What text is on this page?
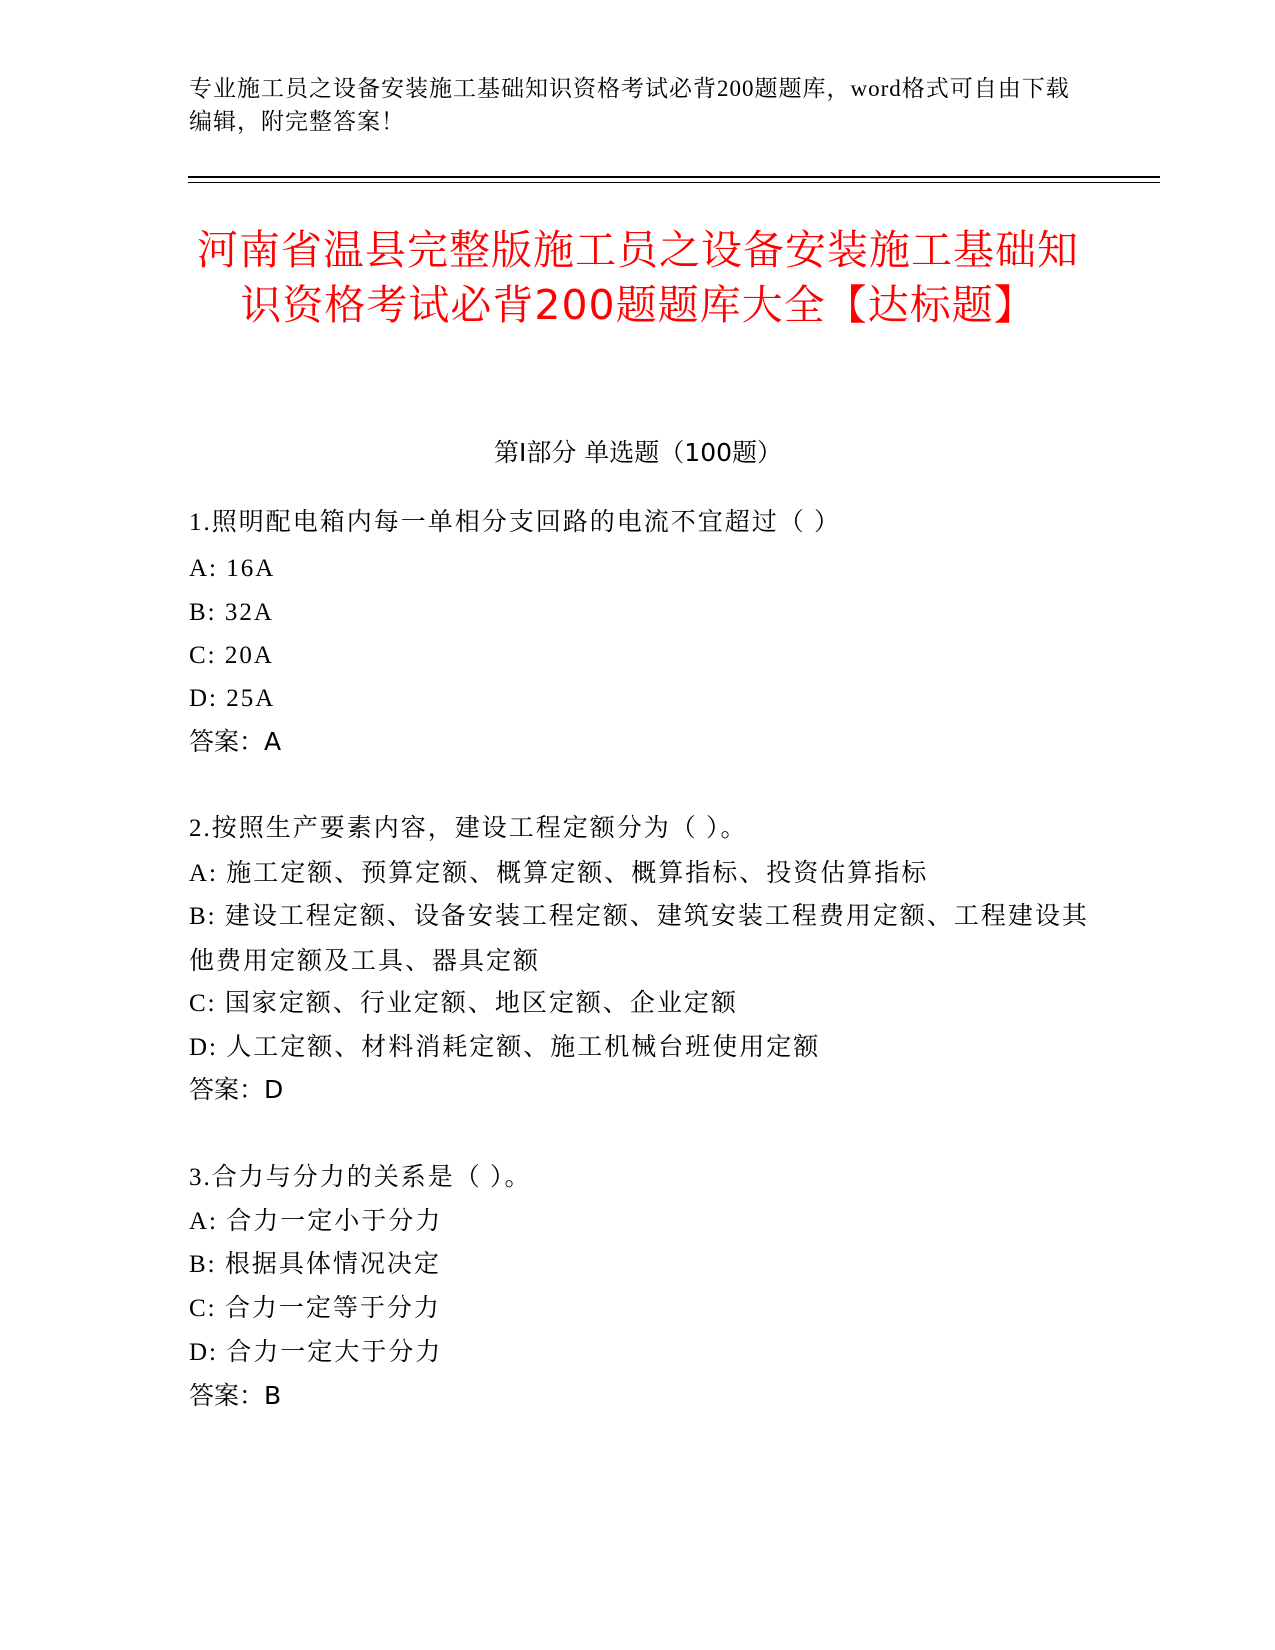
专业施工员之设备安装施工基础知识资格考试必背200题题库，word格式可自由下载编辑，附完整答案！
河南省温县完整版施工员之设备安装施工基础知识资格考试必背200题题库大全【达标题】
第I部分 单选题（100题）
1.照明配电箱内每一单相分支回路的电流不宜超过（ ）
A: 16A
B: 32A
C: 20A
D: 25A
答案：A
2.按照生产要素内容，建设工程定额分为（ ）。
A: 施工定额、预算定额、概算定额、概算指标、投资估算指标
B: 建设工程定额、设备安装工程定额、建筑安装工程费用定额、工程建设其他费用定额及工具、器具定额
C: 国家定额、行业定额、地区定额、企业定额
D: 人工定额、材料消耗定额、施工机械台班使用定额
答案：D
3.合力与分力的关系是（ ）。
A: 合力一定小于分力
B: 根据具体情况决定
C: 合力一定等于分力
D: 合力一定大于分力
答案：B
